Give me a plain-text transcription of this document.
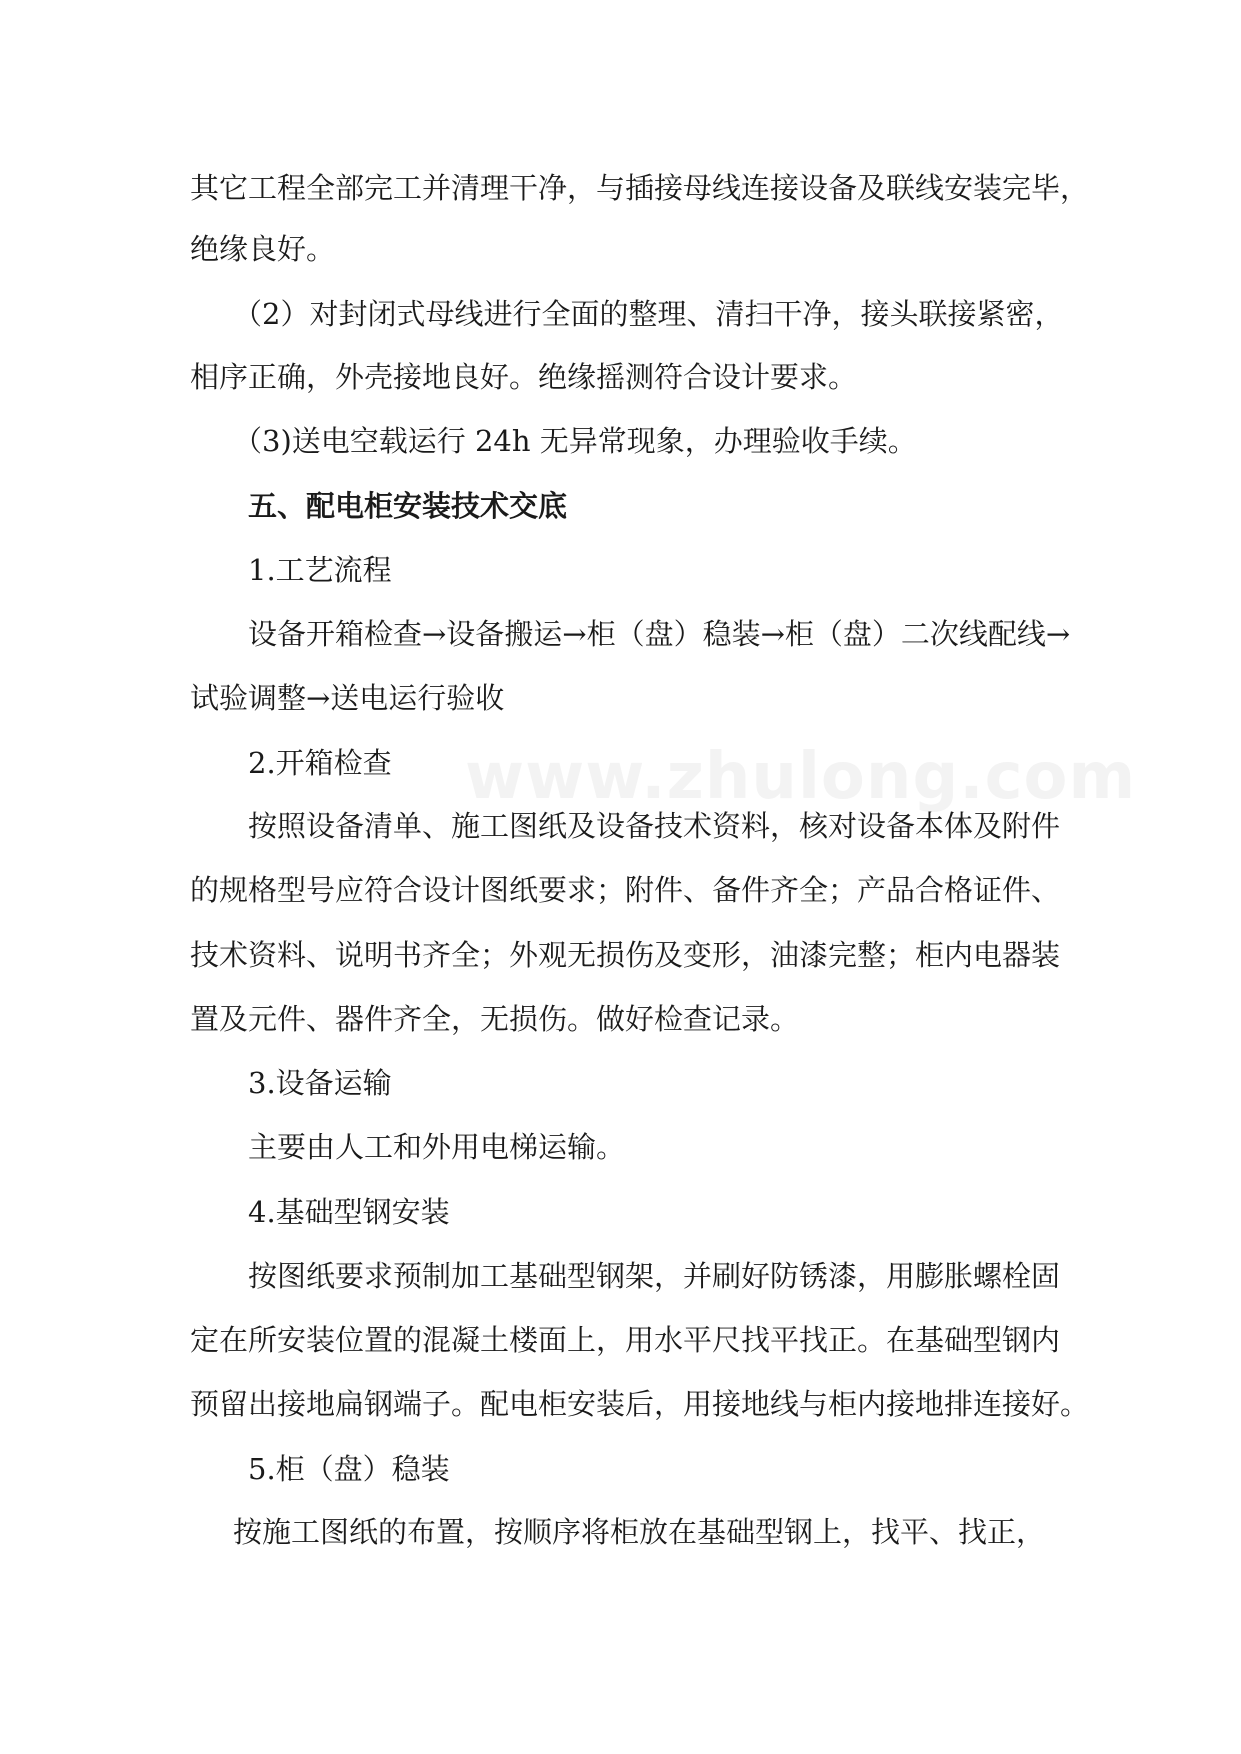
www.zhulong.com
其它工程全部完工并清理干净，与插接母线连接设备及联线安装完毕，
绝缘良好。
（2）对封闭式母线进行全面的整理、清扫干净，接头联接紧密，
相序正确，外壳接地良好。绝缘摇测符合设计要求。
（3)送电空载运行 24h 无异常现象，办理验收手续。
五、配电柜安装技术交底
1.工艺流程
设备开箱检查→设备搬运→柜（盘）稳装→柜（盘）二次线配线→
试验调整→送电运行验收
2.开箱检查
按照设备清单、施工图纸及设备技术资料，核对设备本体及附件
的规格型号应符合设计图纸要求；附件、备件齐全；产品合格证件、
技术资料、说明书齐全；外观无损伤及变形，油漆完整；柜内电器装
置及元件、器件齐全，无损伤。做好检查记录。
3.设备运输
主要由人工和外用电梯运输。
4.基础型钢安装
按图纸要求预制加工基础型钢架，并刷好防锈漆，用膨胀螺栓固
定在所安装位置的混凝土楼面上，用水平尺找平找正。在基础型钢内
预留出接地扁钢端子。配电柜安装后，用接地线与柜内接地排连接好。
5.柜（盘）稳装
按施工图纸的布置，按顺序将柜放在基础型钢上，找平、找正，
